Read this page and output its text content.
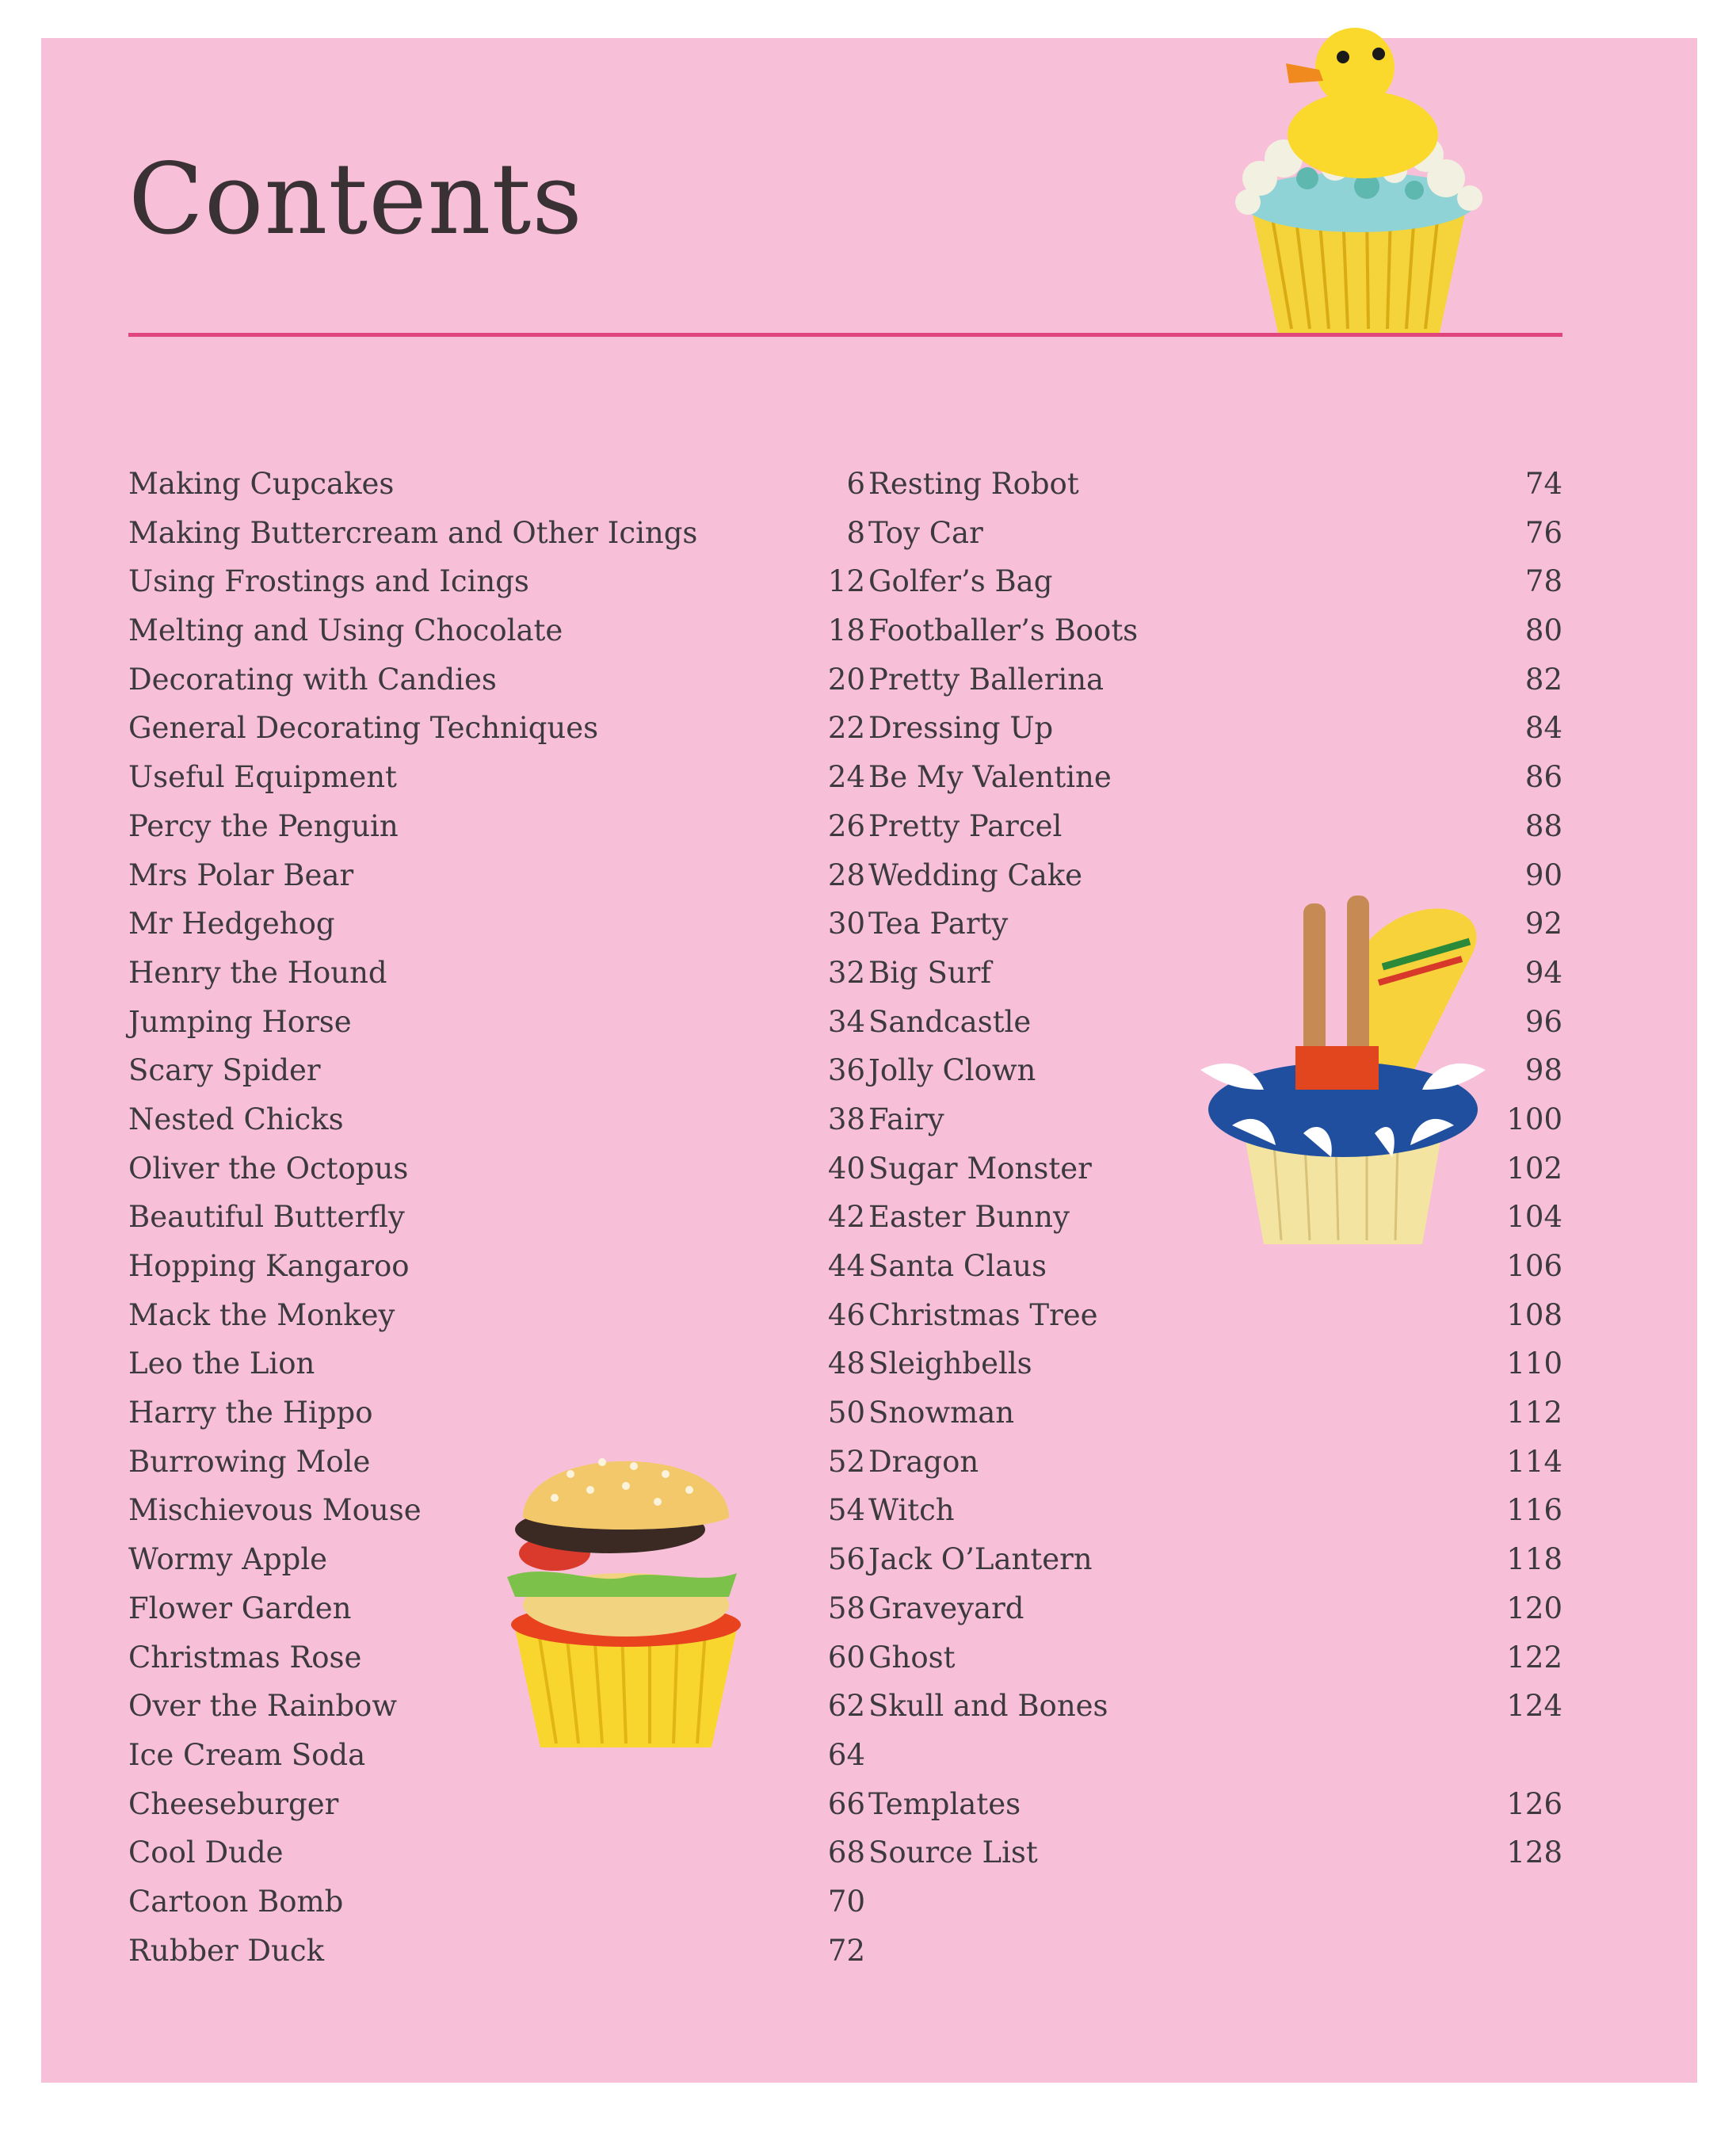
Contents
Making Cupcakes	6
Making Buttercream and Other Icings	8
Using Frostings and Icings	12
Melting and Using Chocolate	18
Decorating with Candies	20
General Decorating Techniques	22
Useful Equipment	24
Percy the Penguin	26
Mrs Polar Bear	28
Mr Hedgehog	30
Henry the Hound	32
Jumping Horse	34
Scary Spider	36
Nested Chicks	38
Oliver the Octopus	40
Beautiful Butterfly	42
Hopping Kangaroo	44
Mack the Monkey	46
Leo the Lion	48
Harry the Hippo	50
Burrowing Mole	52
Mischievous Mouse	54
Wormy Apple	56
Flower Garden	58
Christmas Rose	60
Over the Rainbow	62
Ice Cream Soda	64
Cheeseburger	66
Cool Dude	68
Cartoon Bomb	70
Rubber Duck	72
Resting Robot	74
Toy Car	76
Golfer’s Bag	78
Footballer’s Boots	80
Pretty Ballerina	82
Dressing Up	84
Be My Valentine	86
Pretty Parcel	88
Wedding Cake	90
Tea Party	92
Big Surf	94
Sandcastle	96
Jolly Clown	98
Fairy	100
Sugar Monster	102
Easter Bunny	104
Santa Claus	106
Christmas Tree	108
Sleighbells	110
Snowman	112
Dragon	114
Witch	116
Jack O’Lantern	118
Graveyard	120
Ghost	122
Skull and Bones	124
Templates	126
Source List	128
